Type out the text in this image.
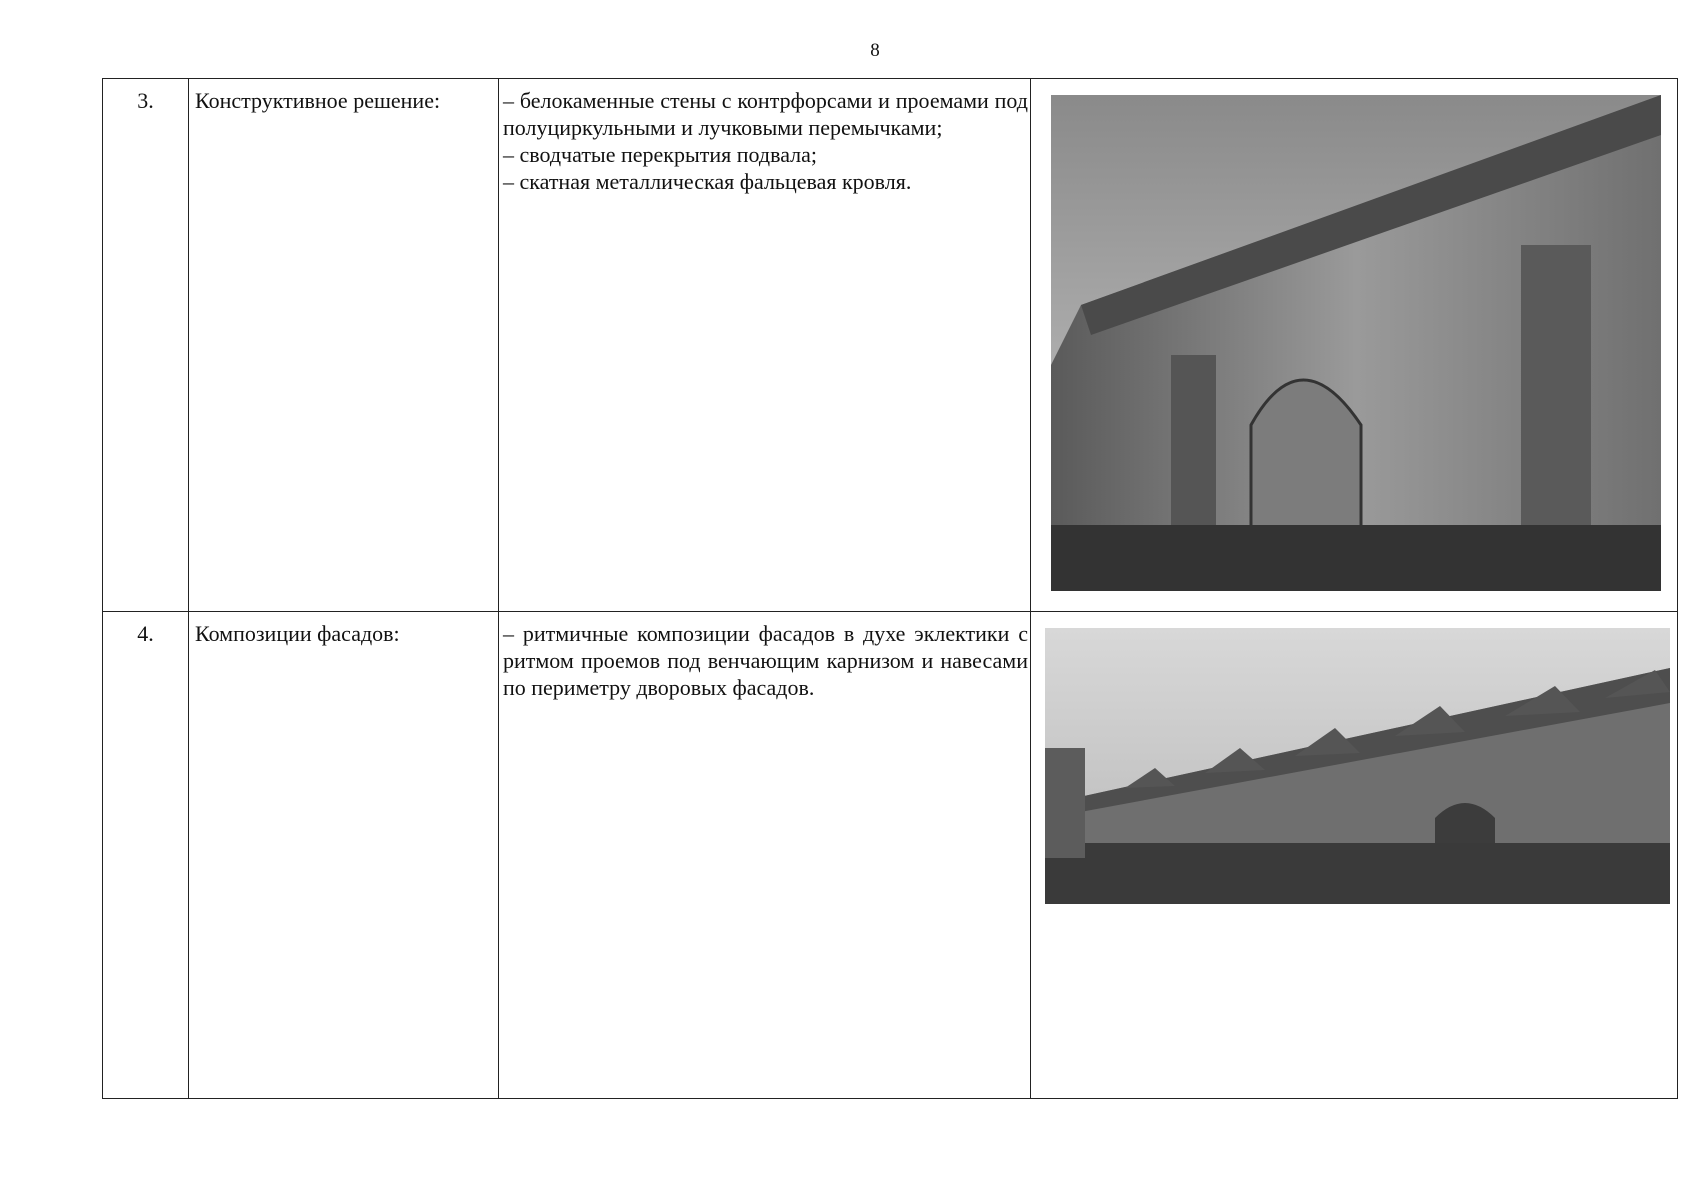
8
3.	Конструктивное решение:	– белокаменные стены с контрфорсами и проемами под полуциркульными и лучковыми перемычками;
– сводчатые перекрытия подвала;
– скатная металлическая фальцевая кровля.

4.	Композиции фасадов:	– ритмичные композиции фасадов в духе эклектики с ритмом проемов под венчающим карнизом и навесами по периметру дворовых фасадов.
